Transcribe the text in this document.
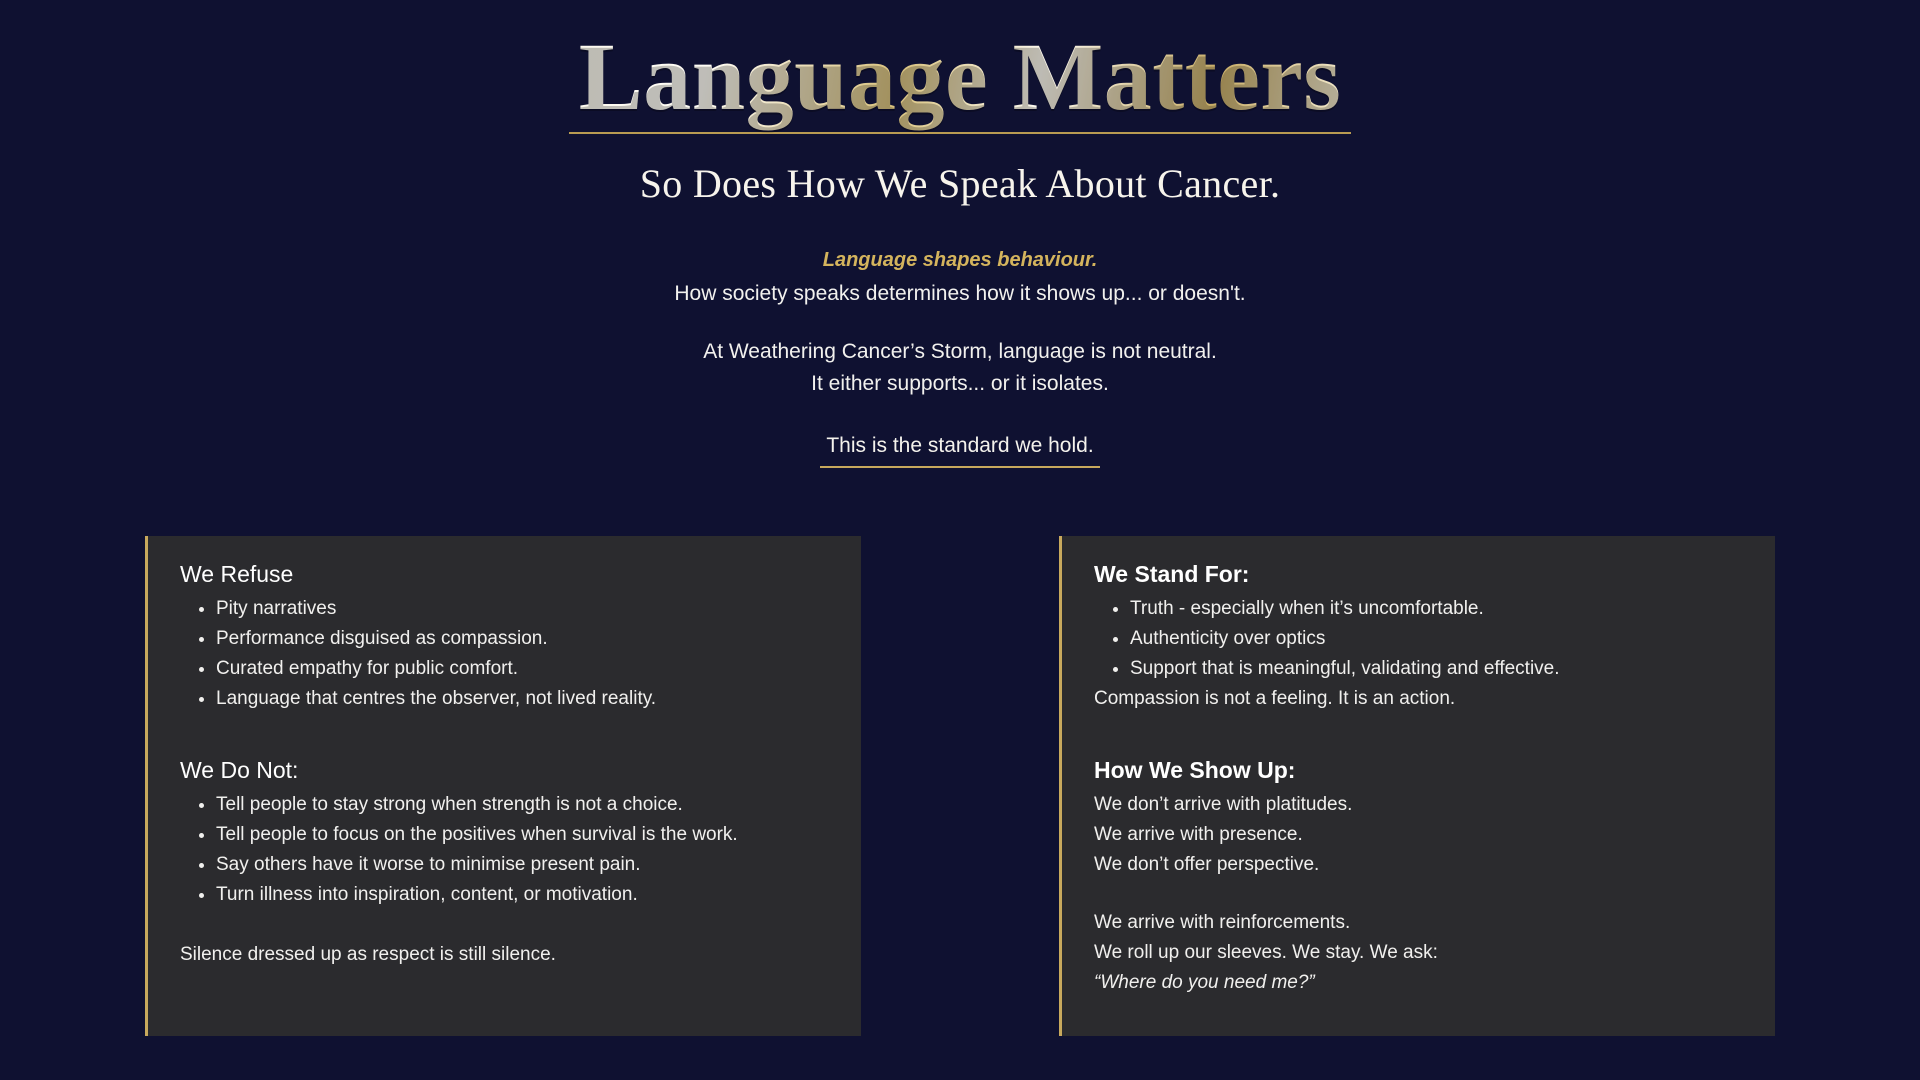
Language Matters
So Does How We Speak About Cancer.
Language shapes behaviour.
How society speaks determines how it shows up... or doesn't.
At Weathering Cancer’s Storm, language is not neutral.
It either supports... or it isolates.
This is the standard we hold.
We Refuse
• Pity narratives
• Performance disguised as compassion.
• Curated empathy for public comfort.
• Language that centres the observer, not lived reality.
We Do Not:
• Tell people to stay strong when strength is not a choice.
• Tell people to focus on the positives when survival is the work.
• Say others have it worse to minimise present pain.
• Turn illness into inspiration, content, or motivation.

Silence dressed up as respect is still silence.

We Stand For:
• Truth - especially when it’s uncomfortable.
• Authenticity over optics
• Support that is meaningful, validating and effective.

Compassion is not a feeling. It is an action.

How We Show Up:

We don’t arrive with platitudes.

We arrive with presence.

We don’t offer perspective.

We arrive with reinforcements.

We roll up our sleeves. We stay. We ask:

“Where do you need me?”
